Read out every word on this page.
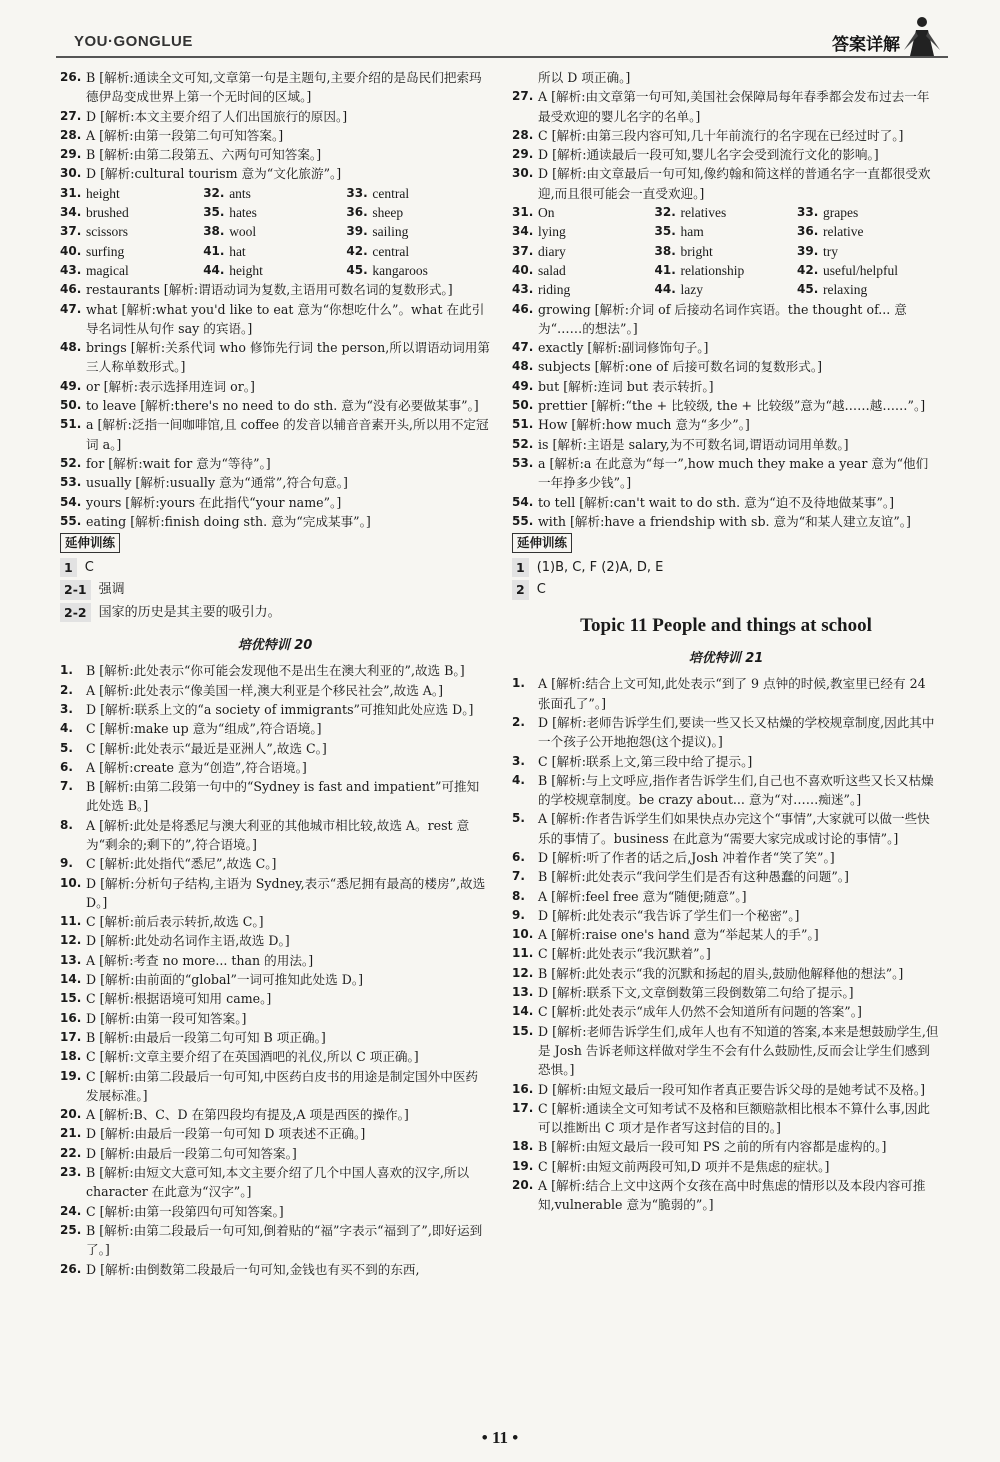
YOU·GONGLUE	答案详解
26. B [解析:通读全文可知,文章第一句是主题句,主要介绍的是岛民们把索玛德伊岛变成世界上第一个无时间的区域。]
27. D [解析:本文主要介绍了人们出国旅行的原因。]
28. A [解析:由第一段第二句可知答案。]
29. B [解析:由第二段第五、六两句可知答案。]
30. D [解析:cultural tourism 意为“文化旅游”。]
31. height	32. ants	33. central
34. brushed	35. hates	36. sheep
37. scissors	38. wool	39. sailing
40. surfing	41. hat	42. central
43. magical	44. height	45. kangaroos
46. restaurants [解析:谓语动词为复数,主语用可数名词的复数形式。]
47. what [解析:what you'd like to eat 意为“你想吃什么”。what 在此引导名词性从句作 say 的宾语。]
48. brings [解析:关系代词 who 修饰先行词 the person,所以谓语动词用第三人称单数形式。]
49. or [解析:表示选择用连词 or。]
50. to leave [解析:there's no need to do sth. 意为“没有必要做某事”。]
51. a [解析:泛指一间咖啡馆,且 coffee 的发音以辅音音素开头,所以用不定冠词 a。]
52. for [解析:wait for 意为“等待”。]
53. usually [解析:usually 意为“通常”,符合句意。]
54. yours [解析:yours 在此指代“your name”。]
55. eating [解析:finish doing sth. 意为“完成某事”。]
延伸训练
1 C
2-1 强调
2-2 国家的历史是其主要的吸引力。
培优特训 20
1.	B [解析:此处表示“你可能会发现他不是出生在澳大利亚的”,故选 B。]
2.	A [解析:此处表示“像美国一样,澳大利亚是个移民社会”,故选 A。]
3.	D [解析:联系上文的“a society of immigrants”可推知此处应选 D。]
4.	C [解析:make up 意为“组成”,符合语境。]
5.	C [解析:此处表示“最近是亚洲人”,故选 C。]
6.	A [解析:create 意为“创造”,符合语境。]
7.	B [解析:由第二段第一句中的“Sydney is fast and impatient”可推知此处选 B。]
8.	A [解析:此处是将悉尼与澳大利亚的其他城市相比较,故选 A。rest 意为“剩余的;剩下的”,符合语境。]
9.	C [解析:此处指代“悉尼”,故选 C。]
10. D [解析:分析句子结构,主语为 Sydney,表示“悉尼拥有最高的楼房”,故选 D。]
11. C [解析:前后表示转折,故选 C。]
12. D [解析:此处动名词作主语,故选 D。]
13. A [解析:考查 no more... than 的用法。]
14. D [解析:由前面的“global”一词可推知此处选 D。]
15. C [解析:根据语境可知用 came。]
16. D [解析:由第一段可知答案。]
17. B [解析:由最后一段第二句可知 B 项正确。]
18. C [解析:文章主要介绍了在英国酒吧的礼仪,所以 C 项正确。]
19. C [解析:由第二段最后一句可知,中医药白皮书的用途是制定国外中医药发展标准。]
20. A [解析:B、C、D 在第四段均有提及,A 项是西医的操作。]
21. D [解析:由最后一段第一句可知 D 项表述不正确。]
22. D [解析:由最后一段第二句可知答案。]
23. B [解析:由短文大意可知,本文主要介绍了几个中国人喜欢的汉字,所以 character 在此意为“汉字”。]
24. C [解析:由第一段第四句可知答案。]
25. B [解析:由第二段最后一句可知,倒着贴的“福”字表示“福到了”,即好运到了。]
26. D [解析:由倒数第二段最后一句可知,金钱也有买不到的东西,
所以 D 项正确。]
27. A [解析:由文章第一句可知,美国社会保障局每年春季都会发布过去一年最受欢迎的婴儿名字的名单。]
28. C [解析:由第三段内容可知,几十年前流行的名字现在已经过时了。]
29. D [解析:通读最后一段可知,婴儿名字会受到流行文化的影响。]
30. D [解析:由文章最后一句可知,像约翰和简这样的普通名字一直都很受欢迎,而且很可能会一直受欢迎。]
31. On	32. relatives	33. grapes
34. lying	35. ham	36. relative
37. diary	38. bright	39. try
40. salad	41. relationship	42. useful/helpful
43. riding	44. lazy	45. relaxing
46. growing [解析:介词 of 后接动名词作宾语。the thought of... 意为“……的想法”。]
47. exactly [解析:副词修饰句子。]
48. subjects [解析:one of 后接可数名词的复数形式。]
49. but [解析:连词 but 表示转折。]
50. prettier [解析:“the + 比较级, the + 比较级”意为“越……越……”。]
51. How [解析:how much 意为“多少”。]
52. is [解析:主语是 salary,为不可数名词,谓语动词用单数。]
53. a [解析:a 在此意为“每一”,how much they make a year 意为“他们一年挣多少钱”。]
54. to tell [解析:can't wait to do sth. 意为“迫不及待地做某事”。]
55. with [解析:have a friendship with sb. 意为“和某人建立友谊”。]
延伸训练
1 (1)B, C, F (2)A, D, E
2 C
Topic 11 People and things at school
培优特训 21
1.	A [解析:结合上文可知,此处表示“到了 9 点钟的时候,教室里已经有 24 张面孔了”。]
2.	D [解析:老师告诉学生们,要读一些又长又枯燥的学校规章制度,因此其中一个孩子公开地抱怨(这个提议)。]
3.	C [解析:联系上文,第三段中给了提示。]
4.	B [解析:与上文呼应,指作者告诉学生们,自己也不喜欢听这些又长又枯燥的学校规章制度。be crazy about... 意为“对……痴迷”。]
5.	A [解析:作者告诉学生们如果快点办完这个“事情”,大家就可以做一些快乐的事情了。business 在此意为“需要大家完成或讨论的事情”。]
6.	D [解析:听了作者的话之后,Josh 冲着作者“笑了笑”。]
7.	B [解析:此处表示“我问学生们是否有这种愚蠢的问题”。]
8.	A [解析:feel free 意为“随便;随意”。]
9.	D [解析:此处表示“我告诉了学生们一个秘密”。]
10. A [解析:raise one's hand 意为“举起某人的手”。]
11. C [解析:此处表示“我沉默着”。]
12. B [解析:此处表示“我的沉默和扬起的眉头,鼓励他解释他的想法”。]
13. D [解析:联系下文,文章倒数第三段倒数第二句给了提示。]
14. C [解析:此处表示“成年人仍然不会知道所有问题的答案”。]
15. D [解析:老师告诉学生们,成年人也有不知道的答案,本来是想鼓励学生,但是 Josh 告诉老师这样做对学生不会有什么鼓励性,反而会让学生们感到恐惧。]
16. D [解析:由短文最后一段可知作者真正要告诉父母的是她考试不及格。]
17. C [解析:通读全文可知考试不及格和巨额赔款相比根本不算什么事,因此可以推断出 C 项才是作者写这封信的目的。]
18. B [解析:由短文最后一段可知 PS 之前的所有内容都是虚构的。]
19. C [解析:由短文前两段可知,D 项并不是焦虑的症状。]
20. A [解析:结合上文中这两个女孩在高中时焦虑的情形以及本段内容可推知,vulnerable 意为“脆弱的”。]
• 11 •
